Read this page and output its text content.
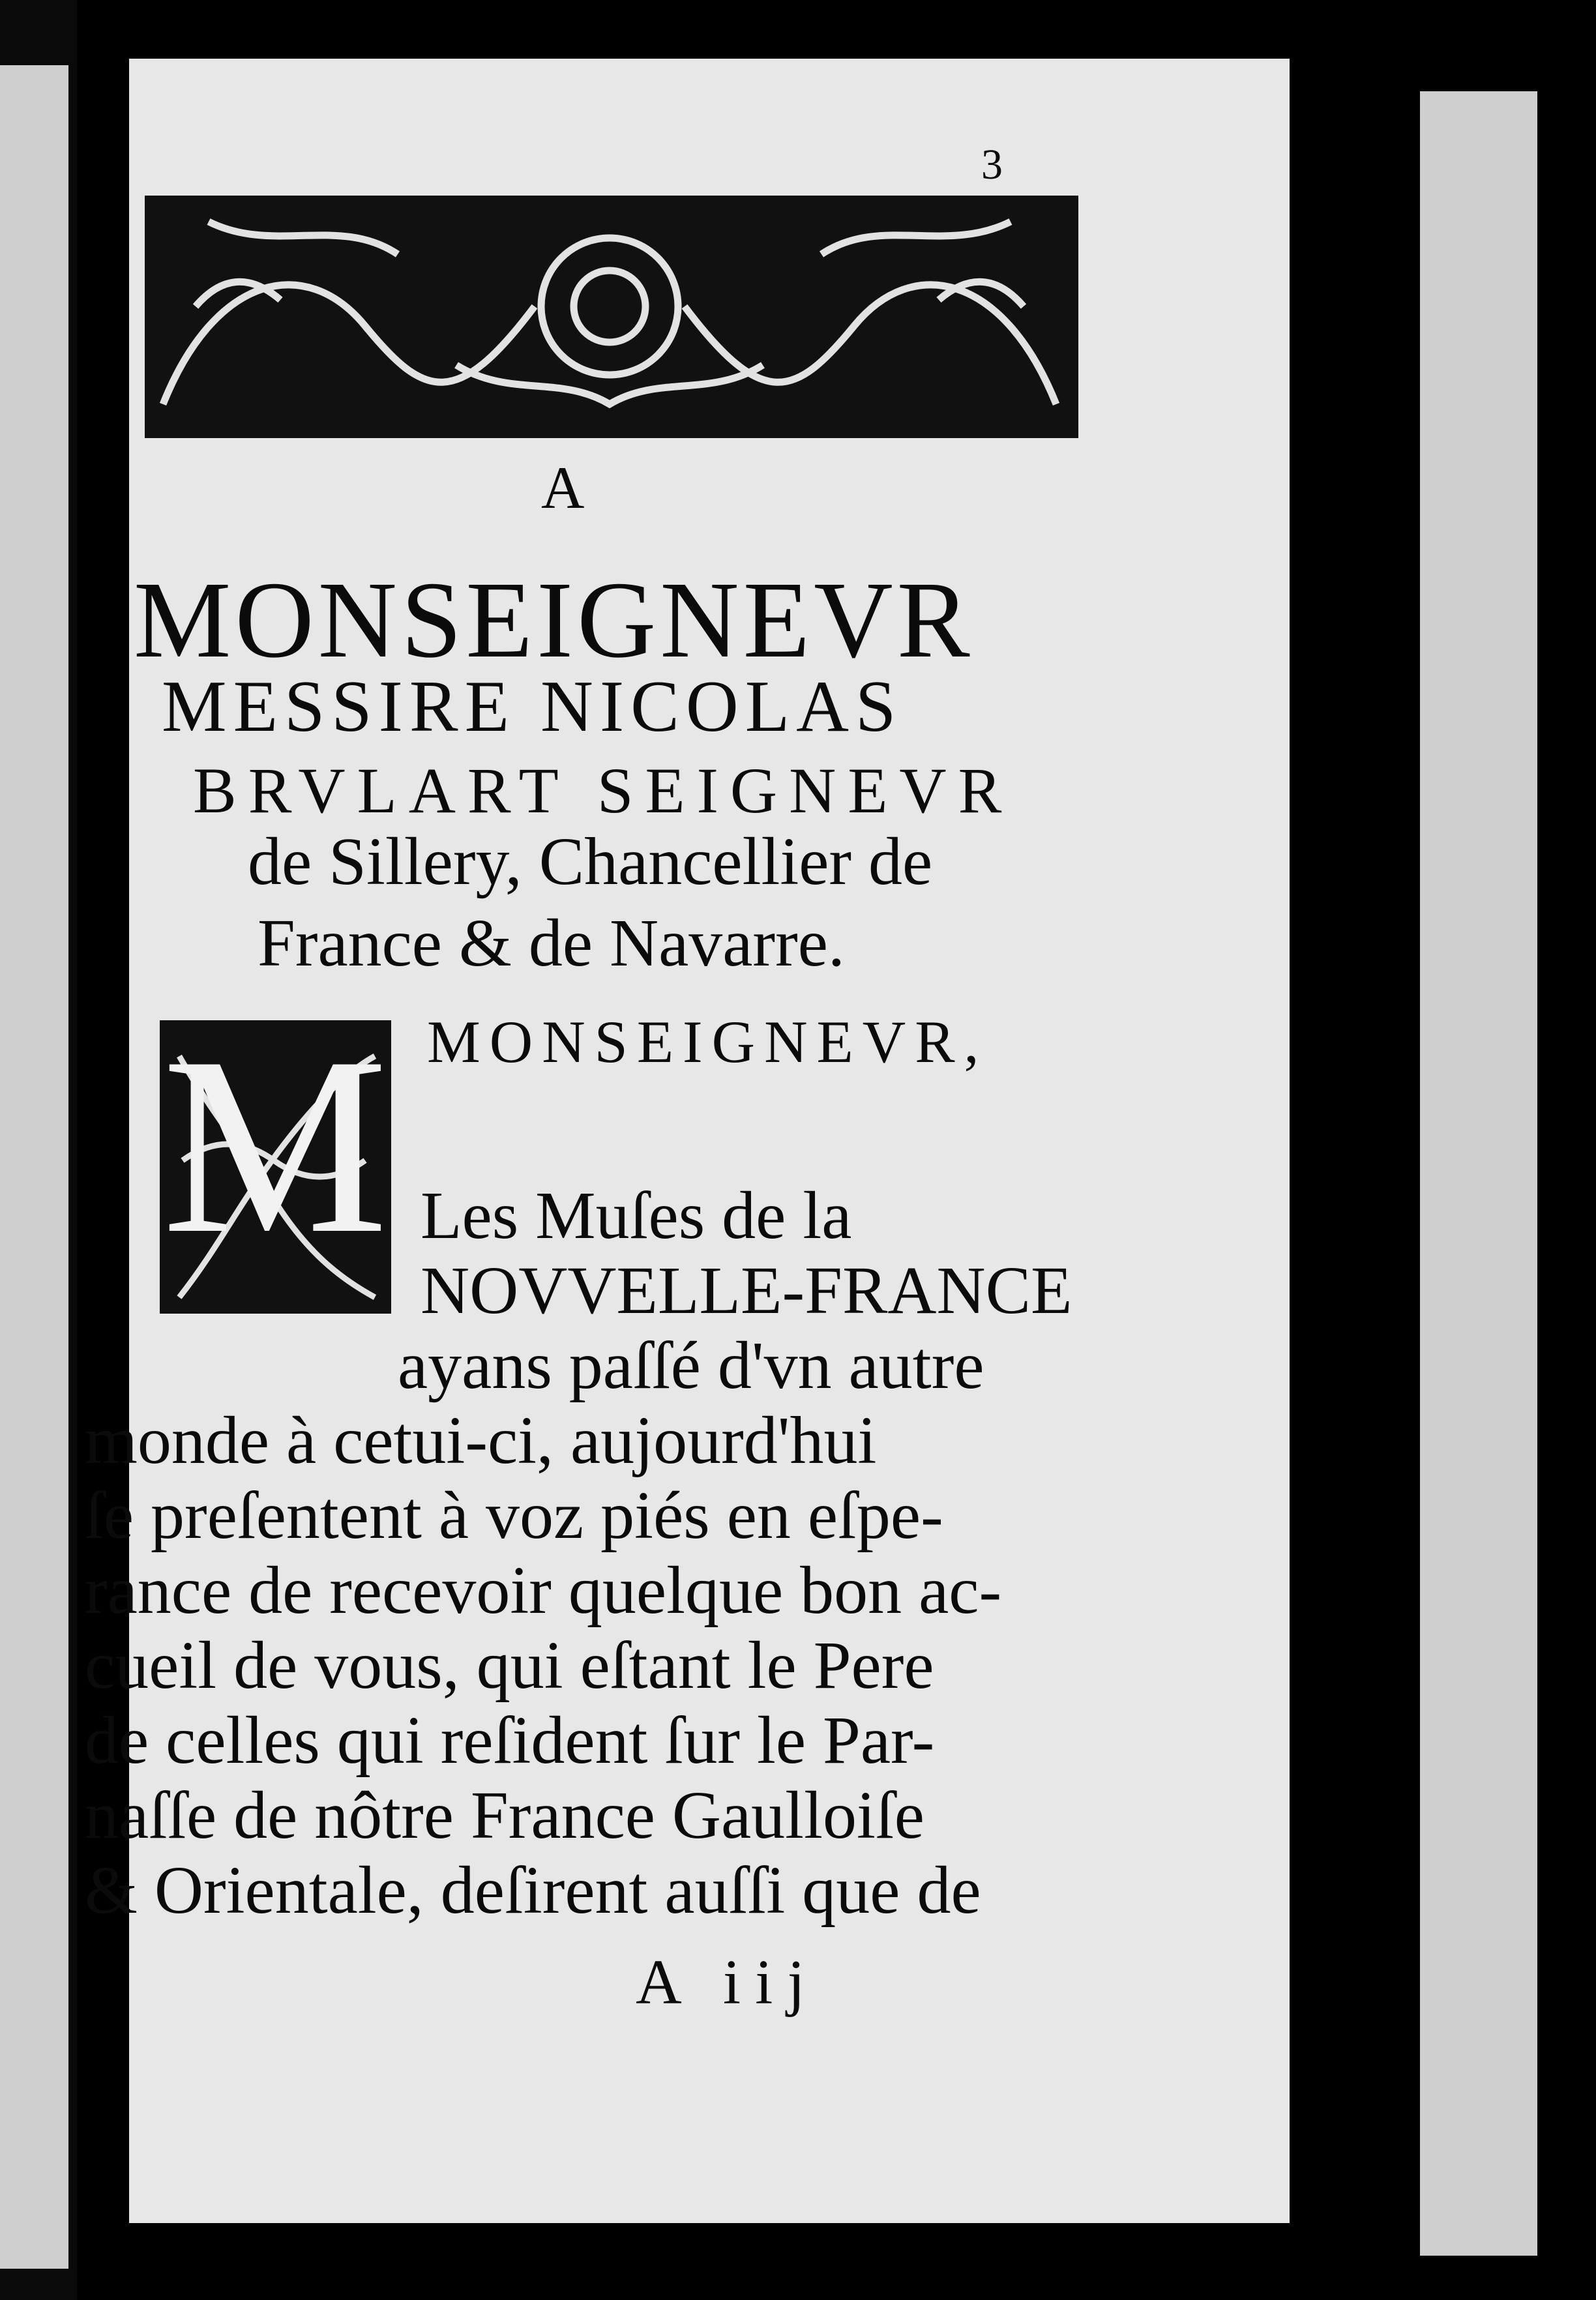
3
A
MONSEIGNEVR
MESSIRE NICOLAS
BRVLART SEIGNEVR
de Sillery, Chancellier de
France & de Navarre.
M MONSEIGNEVR,
Les Muſes de la
NOVVELLE-FRANCE
ayans paſſé d'vn autre
monde à cetui-ci, aujourd'hui
ſe preſentent à voz piés en eſpe-
rance de recevoir quelque bon ac-
cueil de vous, qui eſtant le Pere
de celles qui reſident ſur le Par-
naſſe de nôtre France Gaulloiſe
& Orientale, deſirent auſſi que de
A iij
